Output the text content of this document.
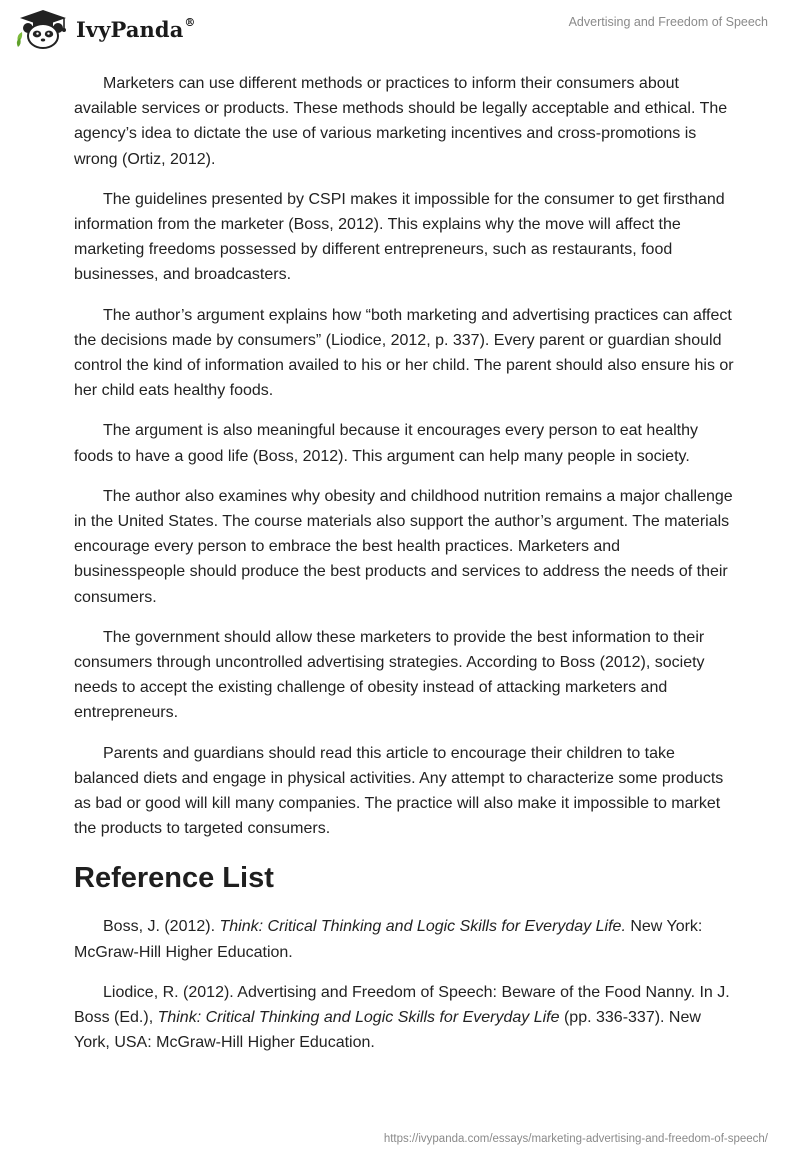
IvyPanda®	Advertising and Freedom of Speech

Marketers can use different methods or practices to inform their consumers about available services or products. These methods should be legally acceptable and ethical. The agency’s idea to dictate the use of various marketing incentives and cross-promotions is wrong (Ortiz, 2012).

The guidelines presented by CSPI makes it impossible for the consumer to get firsthand information from the marketer (Boss, 2012). This explains why the move will affect the marketing freedoms possessed by different entrepreneurs, such as restaurants, food businesses, and broadcasters.

The author’s argument explains how “both marketing and advertising practices can affect the decisions made by consumers” (Liodice, 2012, p. 337). Every parent or guardian should control the kind of information availed to his or her child. The parent should also ensure his or her child eats healthy foods.

The argument is also meaningful because it encourages every person to eat healthy foods to have a good life (Boss, 2012). This argument can help many people in society.

The author also examines why obesity and childhood nutrition remains a major challenge in the United States. The course materials also support the author’s argument. The materials encourage every person to embrace the best health practices. Marketers and businesspeople should produce the best products and services to address the needs of their consumers.

The government should allow these marketers to provide the best information to their consumers through uncontrolled advertising strategies. According to Boss (2012), society needs to accept the existing challenge of obesity instead of attacking marketers and entrepreneurs.

Parents and guardians should read this article to encourage their children to take balanced diets and engage in physical activities. Any attempt to characterize some products as bad or good will kill many companies. The practice will also make it impossible to market the products to targeted consumers.

Reference List

Boss, J. (2012). Think: Critical Thinking and Logic Skills for Everyday Life. New York: McGraw-Hill Higher Education.

Liodice, R. (2012). Advertising and Freedom of Speech: Beware of the Food Nanny. In J. Boss (Ed.), Think: Critical Thinking and Logic Skills for Everyday Life (pp. 336-337). New York, USA: McGraw-Hill Higher Education.

https://ivypanda.com/essays/marketing-advertising-and-freedom-of-speech/
